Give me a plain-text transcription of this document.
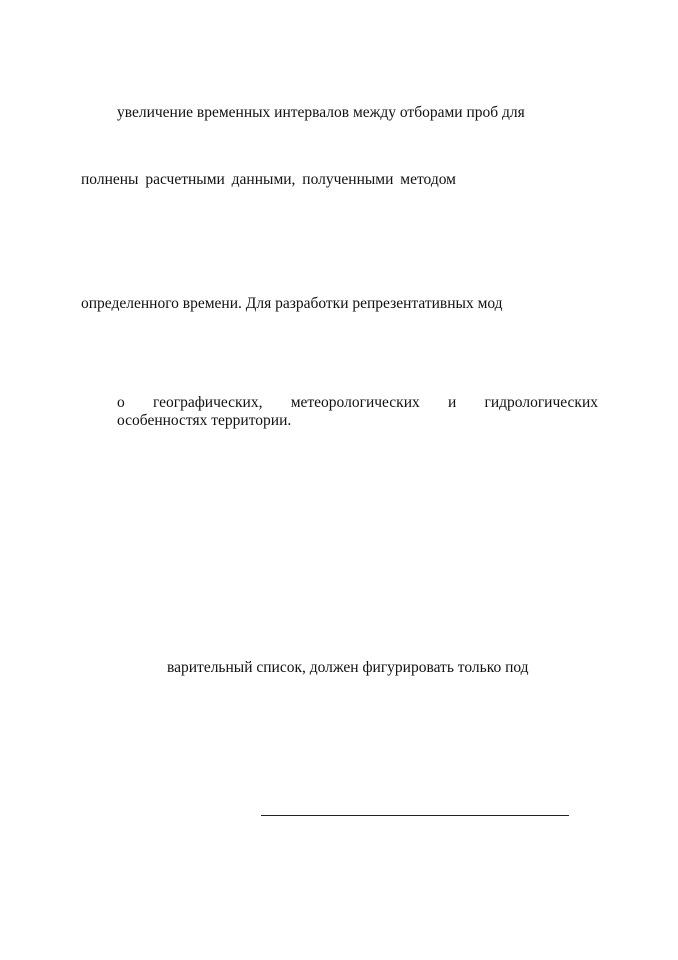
увеличение временных интервалов между отборами проб для
полнены расчетными данными, полученными методом
определенного времени. Для разработки репрезентативных мод
о географических, метеорологических и гидрологических
особенностях территории.
варительный список, должен фигурировать только под
